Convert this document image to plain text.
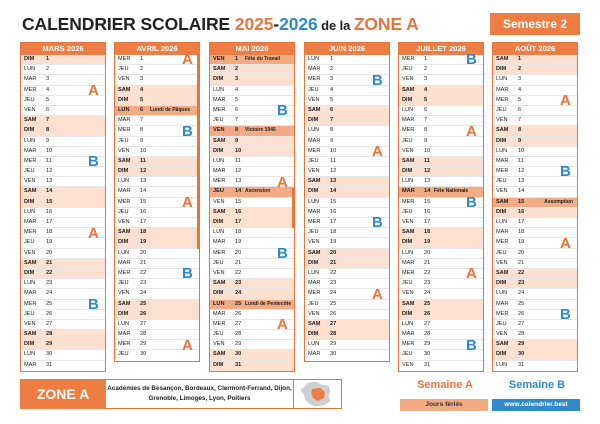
CALENDRIER SCOLAIRE 2025-2026 de la ZONE A	Semestre 2
MARS 2026
DIM	1
LUN	2
MAR	3
MER	4
JEU	5
VEN	6
SAM	7
DIM	8
LUN	9
MAR	10
MER	11
JEU	12
VEN	13
SAM	14
DIM	15
LUN	16
MAR	17
MER	18
JEU	19
VEN	20
SAM	21
DIM	22
LUN	23
MAR	24
MER	25
JEU	26
VEN	27
SAM	28
DIM	29
LUN	30
MAR	31
A
B
A
B
AVRIL 2026
MER	1
JEU	2
VEN	3
SAM	4
DIM	5
LUN	6 Lundi de Pâques
MAR	7
MER	8
JEU	9
VEN	10
SAM	11
DIM	12
LUN	13
MAR	14
MER	15
JEU	16
VEN	17
SAM	18
DIM	19
LUN	20
MAR	21
MER	22
JEU	23
VEN	24
SAM	25
DIM	26
LUN	27
MAR	28
MER	29
JEU	30
A
B
A
B
A
MAI 2026
VEN	1 Fête du Travail
SAM	2
DIM	3
LUN	4
MAR	5
MER	6
JEU	7
VEN	8 Victoire 1945
SAM	9
DIM	10
LUN	11
MAR	12
MER	13
JEU	14 Ascension
VEN	15
SAM	16
DIM	17
LUN	18
MAR	19
MER	20
JEU	21
VEN	22
SAM	23
DIM	24
LUN	25 Lundi de Pentecôte
MAR	26
MER	27
JEU	28
VEN	29
SAM	30
DIM	31
B
A
B
A
JUIN 2026
LUN	1
MAR	2
MER	3
JEU	4
VEN	5
SAM	6
DIM	7
LUN	8
MAR	9
MER	10
JEU	11
VEN	12
SAM	13
DIM	14
LUN	15
MAR	16
MER	17
JEU	18
VEN	19
SAM	20
DIM	21
LUN	22
MAR	23
MER	24
JEU	25
VEN	26
SAM	27
DIM	28
LUN	29
MAR	30
B
A
B
A
JUILLET 2026
MER	1
JEU	2
VEN	3
SAM	4
DIM	5
LUN	6
MAR	7
MER	8
JEU	9
VEN	10
SAM	11
DIM	12
LUN	13
MAR	14 Fête Nationale
MER	15
JEU	16
VEN	17
SAM	18
DIM	19
LUN	20
MAR	21
MER	22
JEU	23
VEN	24
SAM	25
DIM	26
LUN	27
MAR	28
MER	29
JEU	30
VEN	31
B
A
B
A
B
AOÛT 2026
SAM	1
DIM	2
LUN	3
MAR	4
MER	5
JEU	6
VEN	7
SAM	8
DIM	9
LUN	10
MAR	11
MER	12
JEU	13
VEN	14
SAM	15	Assomption
DIM	16
LUN	17
MAR	18
MER	19
JEU	20
VEN	21
SAM	22
DIM	23
LUN	24
MAR	25
MER	26
JEU	27
VEN	28
SAM	29
DIM	30
LUN	31
A
B
A
B
ZONE A	Académies de Besançon, Bordeaux, Clermont-Ferrand, Dijon,
Grenoble, Limoges, Lyon, Poitiers
Semaine A	Semaine B
Jours fériés	www.calendrier.best
